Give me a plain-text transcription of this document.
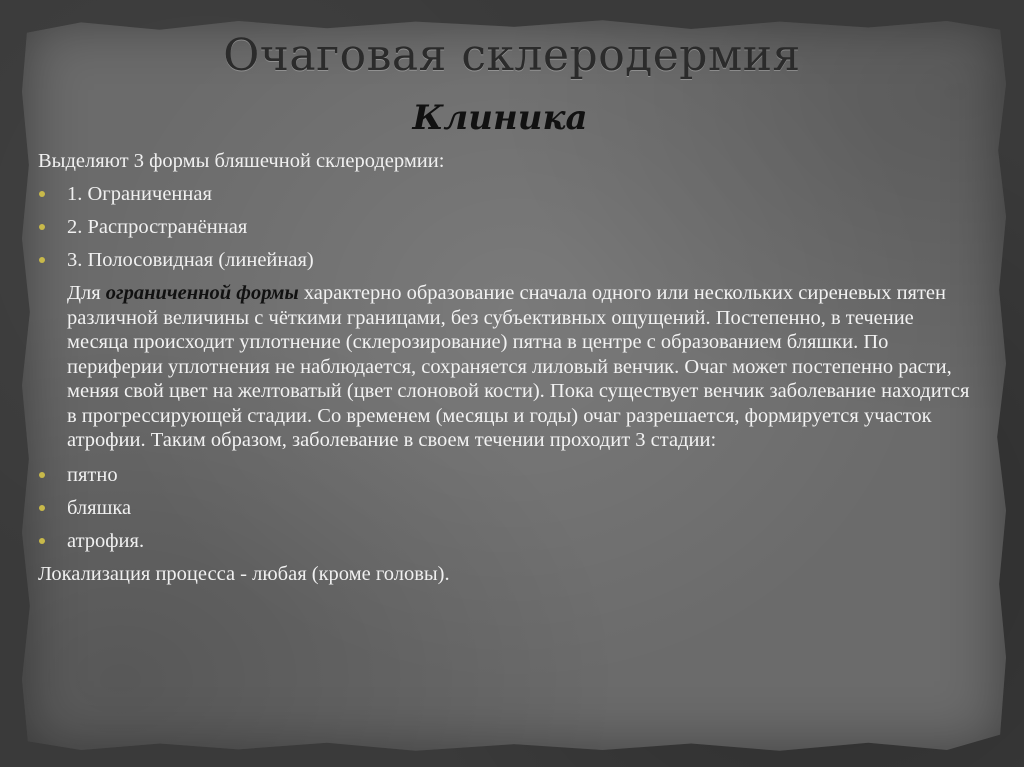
Очаговая склеродермия
Клиника

Выделяют 3 формы бляшечной склеродермии:

1. Ограниченная
2. Распространённая
3. Полосовидная (линейная)

Для ограниченной формы характерно образование сначала одного или нескольких сиреневых пятен различной величины с чёткими границами, без субъективных ощущений. Постепенно, в течение месяца происходит уплотнение (склерозирование) пятна в центре с образованием бляшки. По периферии уплотнения не наблюдается, сохраняется лиловый венчик. Очаг может постепенно расти, меняя свой цвет на желтоватый (цвет слоновой кости). Пока существует венчик заболевание находится в прогрессирующей стадии. Со временем (месяцы и годы) очаг разрешается, формируется участок атрофии. Таким образом, заболевание в своем течении проходит 3 стадии:

пятно
бляшка
атрофия.

Локализация процесса - любая (кроме головы).
